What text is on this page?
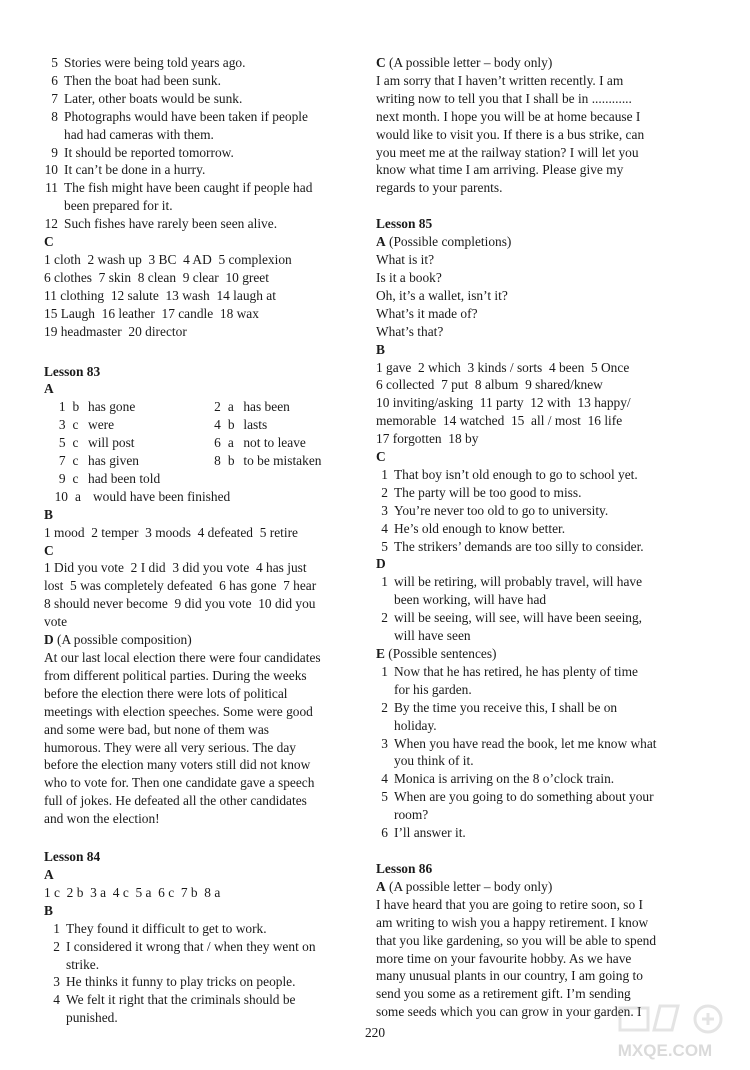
5 Stories were being told years ago.
6 Then the boat had been sunk.
7 Later, other boats would be sunk.
8 Photographs would have been taken if people
had had cameras with them.
9 It should be reported tomorrow.
10 It can’t be done in a hurry.
11 The fish might have been caught if people had
been prepared for it.
12 Such fishes have rarely been seen alive.
C
1 cloth  2 wash up  3 BC  4 AD  5 complexion
6 clothes  7 skin  8 clean  9 clear  10 greet
11 clothing  12 salute  13 wash  14 laugh at
15 Laugh  16 leather  17 candle  18 wax
19 headmaster  20 director
Lesson 83
A
1	b	has gone	2	a	has been
3	c	were	4	b	lasts
5	c	will post	6	a	not to leave
7	c	has given	8	b	to be mistaken
9	c	had been told			
10 a would have been finished
B
1 mood  2 temper  3 moods  4 defeated  5 retire
C
1 Did you vote  2 I did  3 did you vote  4 has just
lost  5 was completely defeated  6 has gone  7 hear
8 should never become  9 did you vote  10 did you
vote
D (A possible composition)
At our last local election there were four candidates
from different political parties. During the weeks
before the election there were lots of political
meetings with election speeches. Some were good
and some were bad, but none of them was
humorous. They were all very serious. The day
before the election many voters still did not know
who to vote for. Then one candidate gave a speech
full of jokes. He defeated all the other candidates
and won the election!
Lesson 84
A
1 c  2 b  3 a  4 c  5 a  6 c  7 b  8 a
B
1 They found it difficult to get to work.
2 I considered it wrong that / when they went on
strike.
3 He thinks it funny to play tricks on people.
4 We felt it right that the criminals should be
punished.
C (A possible letter – body only)
I am sorry that I haven’t written recently. I am
writing now to tell you that I shall be in ............
next month. I hope you will be at home because I
would like to visit you. If there is a bus strike, can
you meet me at the railway station? I will let you
know what time I am arriving. Please give my
regards to your parents.
Lesson 85
A (Possible completions)
What is it?
Is it a book?
Oh, it’s a wallet, isn’t it?
What’s it made of?
What’s that?
B
1 gave  2 which  3 kinds / sorts  4 been  5 Once
6 collected  7 put  8 album  9 shared/knew
10 inviting/asking  11 party  12 with  13 happy/
memorable  14 watched  15  all / most  16 life
17 forgotten  18 by
C
1 That boy isn’t old enough to go to school yet.
2 The party will be too good to miss.
3 You’re never too old to go to university.
4 He’s old enough to know better.
5 The strikers’ demands are too silly to consider.
D
1 will be retiring, will probably travel, will have
been working, will have had
2 will be seeing, will see, will have been seeing,
will have seen
E (Possible sentences)
1 Now that he has retired, he has plenty of time
for his garden.
2 By the time you receive this, I shall be on
holiday.
3 When you have read the book, let me know what
you think of it.
4 Monica is arriving on the 8 o’clock train.
5 When are you going to do something about your
room?
6 I’ll answer it.
Lesson 86
A (A possible letter – body only)
I have heard that you are going to retire soon, so I
am writing to wish you a happy retirement. I know
that you like gardening, so you will be able to spend
more time on your favourite hobby. As we have
many unusual plants in our country, I am going to
send you some as a retirement gift. I’m sending
some seeds which you can grow in your garden. I
220
MXQE.COM
